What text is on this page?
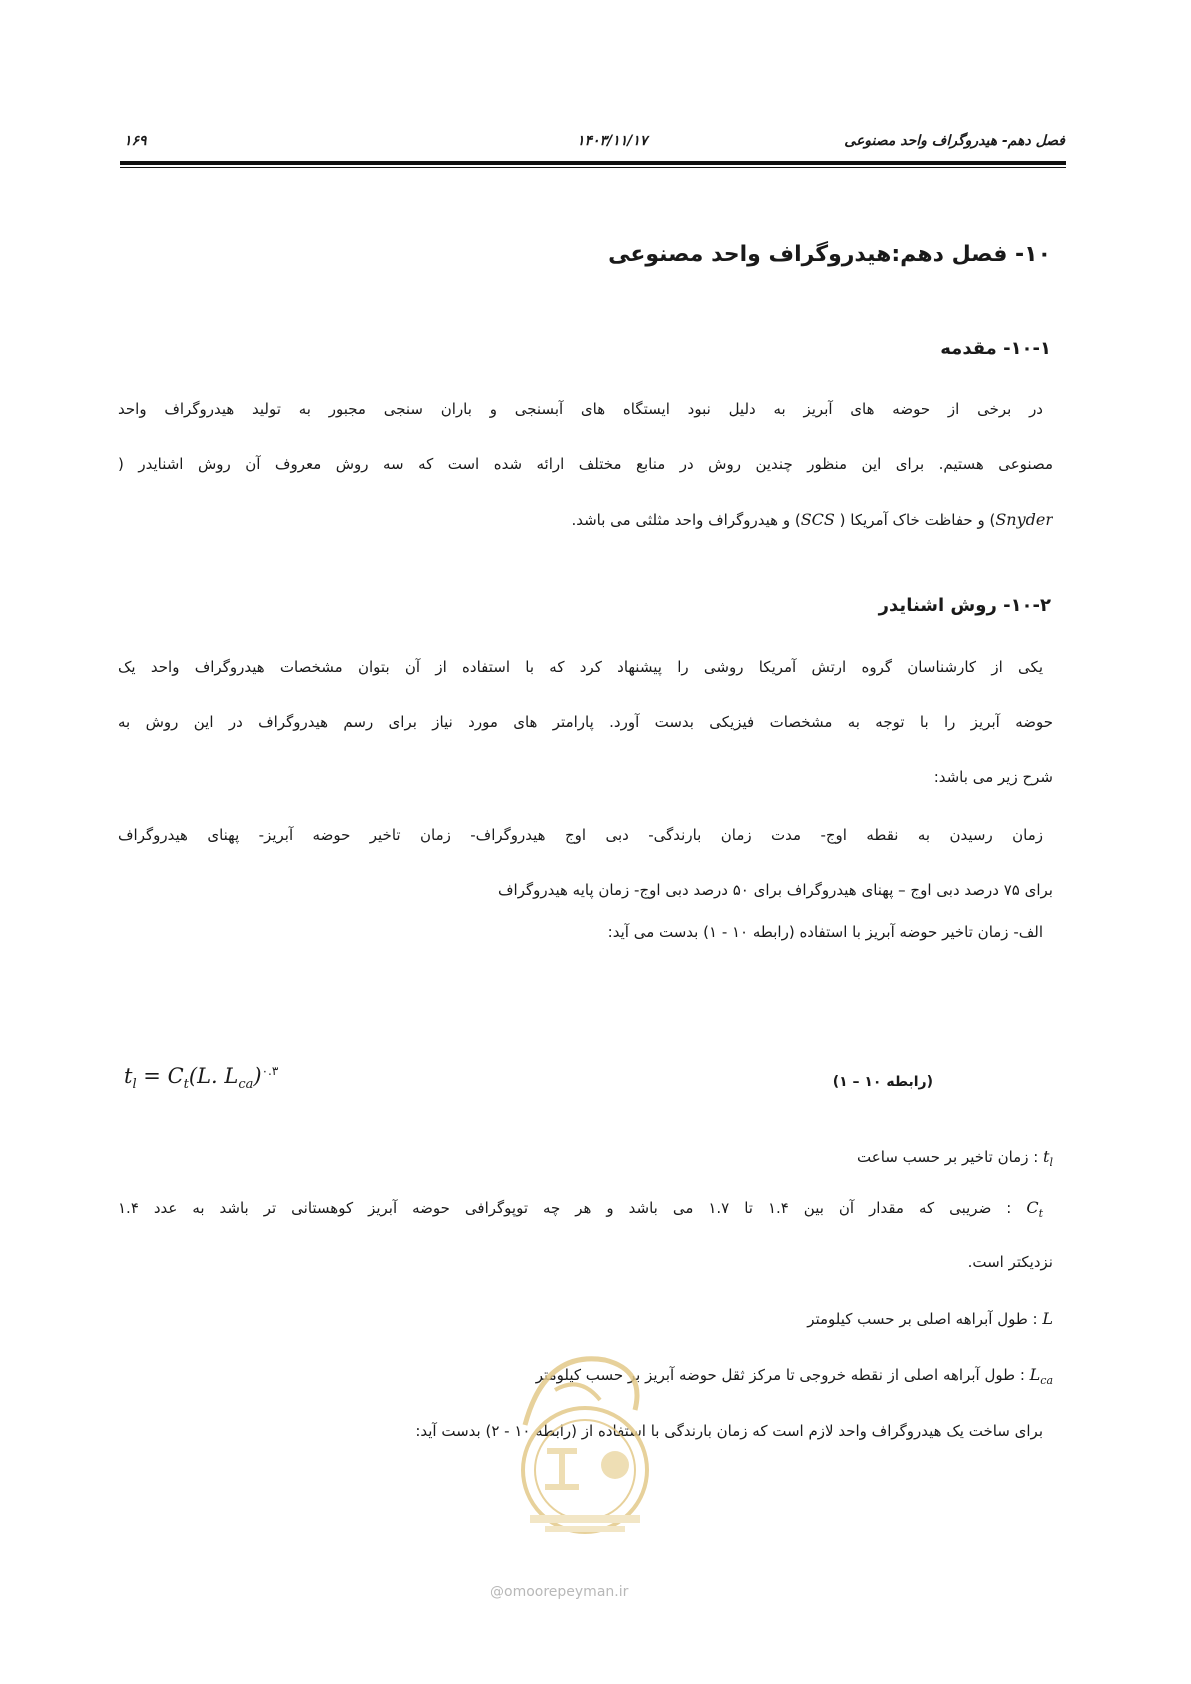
فصل دهم- هیدروگراف واحد مصنوعی
۱۴۰۳/۱۱/۱۷
۱۶۹
۱۰- فصل دهم:هیدروگراف واحد مصنوعی
۱۰-۱- مقدمه
در برخی از حوضه های آبریز به دلیل نبود ایستگاه های آبسنجی و باران سنجی مجبور به تولید هیدروگراف واحد
مصنوعی هستیم. برای این منظور چندین روش در منابع مختلف ارائه شده است که سه روش معروف آن روش اشنایدر (
Snyder) و حفاظت خاک آمریکا ( SCS) و هیدروگراف واحد مثلثی می باشد.
۱۰-۲- روش اشنایدر
یکی از کارشناسان گروه ارتش آمریکا روشی را پیشنهاد کرد که با استفاده از آن بتوان مشخصات هیدروگراف واحد یک
حوضه آبریز را با توجه به مشخصات فیزیکی بدست آورد. پارامتر های مورد نیاز برای رسم هیدروگراف در این روش به
شرح زیر می باشد:
زمان رسیدن به نقطه اوج- مدت زمان بارندگی- دبی اوج هیدروگراف- زمان تاخیر حوضه آبریز- پهنای هیدروگراف
برای ۷۵ درصد دبی اوج – پهنای هیدروگراف برای ۵۰ درصد دبی اوج- زمان پایه هیدروگراف
الف- زمان تاخیر حوضه آبریز با استفاده (رابطه ۱۰ - ۱) بدست می آید:
(رابطه ۱۰ – ۱)
$t_l = C_t(L$. $L_{ca})^{۰.۳}$
$t_l$ : زمان تاخیر بر حسب ساعت
$C_t$ : ضریبی که مقدار آن بین ۱.۴ تا ۱.۷ می باشد و هر چه توپوگرافی حوضه آبریز کوهستانی تر باشد به عدد ۱.۴
نزدیکتر است.
L : طول آبراهه اصلی بر حسب کیلومتر
$L_{ca}$ : طول آبراهه اصلی از نقطه خروجی تا مرکز ثقل حوضه آبریز بر حسب کیلومتر
برای ساخت یک هیدروگراف واحد لازم است که زمان بارندگی با استفاده از (رابطه ۱۰ - ۲) بدست آید:
@omoorepeyman.ir
